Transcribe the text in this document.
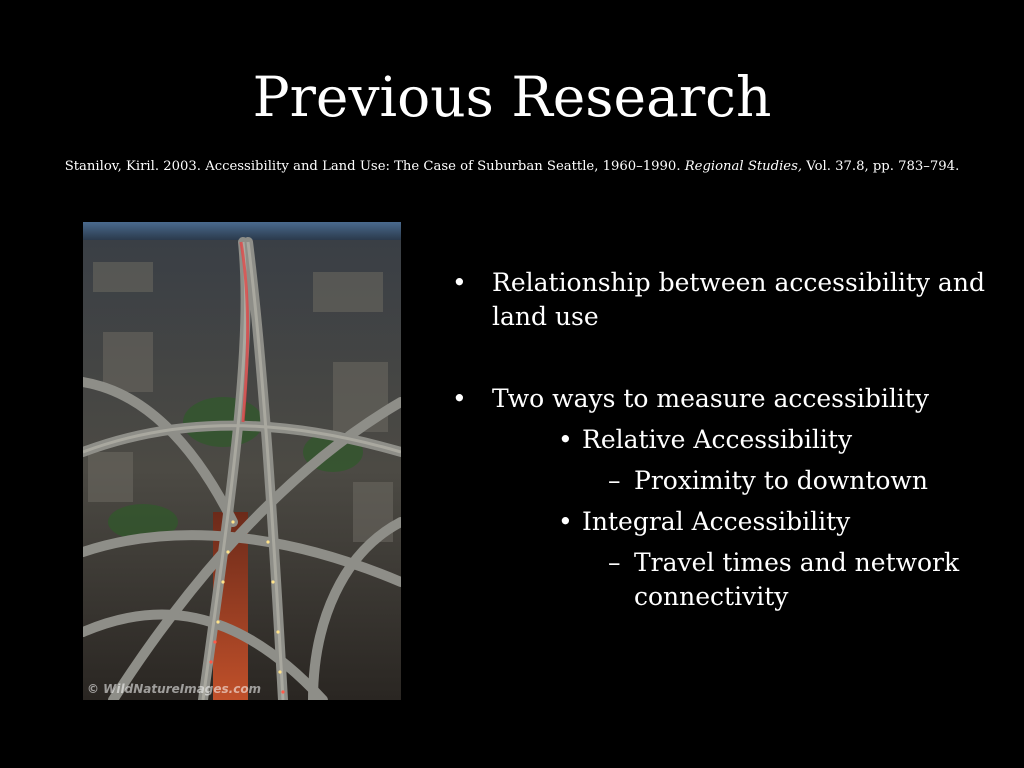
Previous Research
Stanilov, Kiril. 2003. Accessibility and Land Use: The Case of Suburban Seattle, 1960–1990. Regional Studies, Vol. 37.8, pp. 783–794.
© WildNatureImages.com
• Relationship between accessibility and land use
• Two ways to measure accessibility
• Relative Accessibility
– Proximity to downtown
• Integral Accessibility
– Travel times and network connectivity
